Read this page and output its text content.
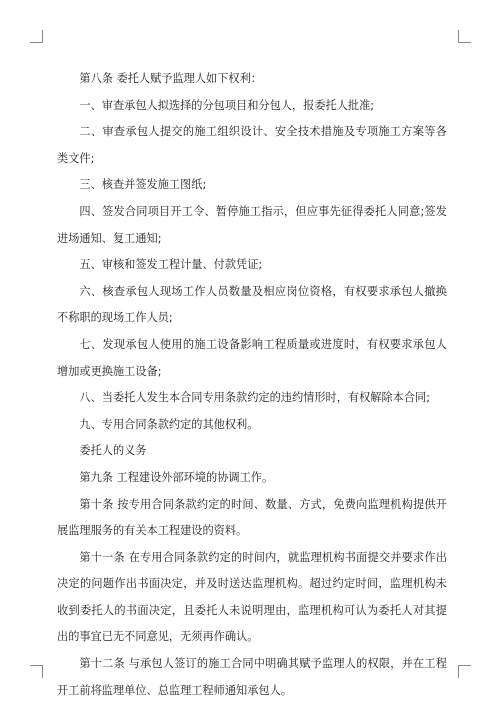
第八条 委托人赋予监理人如下权利：

一、审查承包人拟选择的分包项目和分包人，报委托人批准;

二、审查承包人提交的施工组织设计、安全技术措施及专项施工方案等各类文件;

三、核查并签发施工图纸;

四、签发合同项目开工令、暂停施工指示，但应事先征得委托人同意;签发进场通知、复工通知;

五、审核和签发工程计量、付款凭证;

六、核查承包人现场工作人员数量及相应岗位资格，有权要求承包人撤换不称职的现场工作人员;

七、发现承包人使用的施工设备影响工程质量或进度时，有权要求承包人增加或更换施工设备;

八、当委托人发生本合同专用条款约定的违约情形时，有权解除本合同;

九、专用合同条款约定的其他权利。

委托人的义务

第九条 工程建设外部环境的协调工作。

第十条 按专用合同条款约定的时间、数量、方式，免费向监理机构提供开展监理服务的有关本工程建设的资料。

第十一条 在专用合同条款约定的时间内，就监理机构书面提交并要求作出决定的问题作出书面决定，并及时送达监理机构。超过约定时间，监理机构未收到委托人的书面决定，且委托人未说明理由，监理机构可认为委托人对其提出的事宜已无不同意见，无须再作确认。

第十二条 与承包人签订的施工合同中明确其赋予监理人的权限，并在工程开工前将监理单位、总监理工程师通知承包人。
